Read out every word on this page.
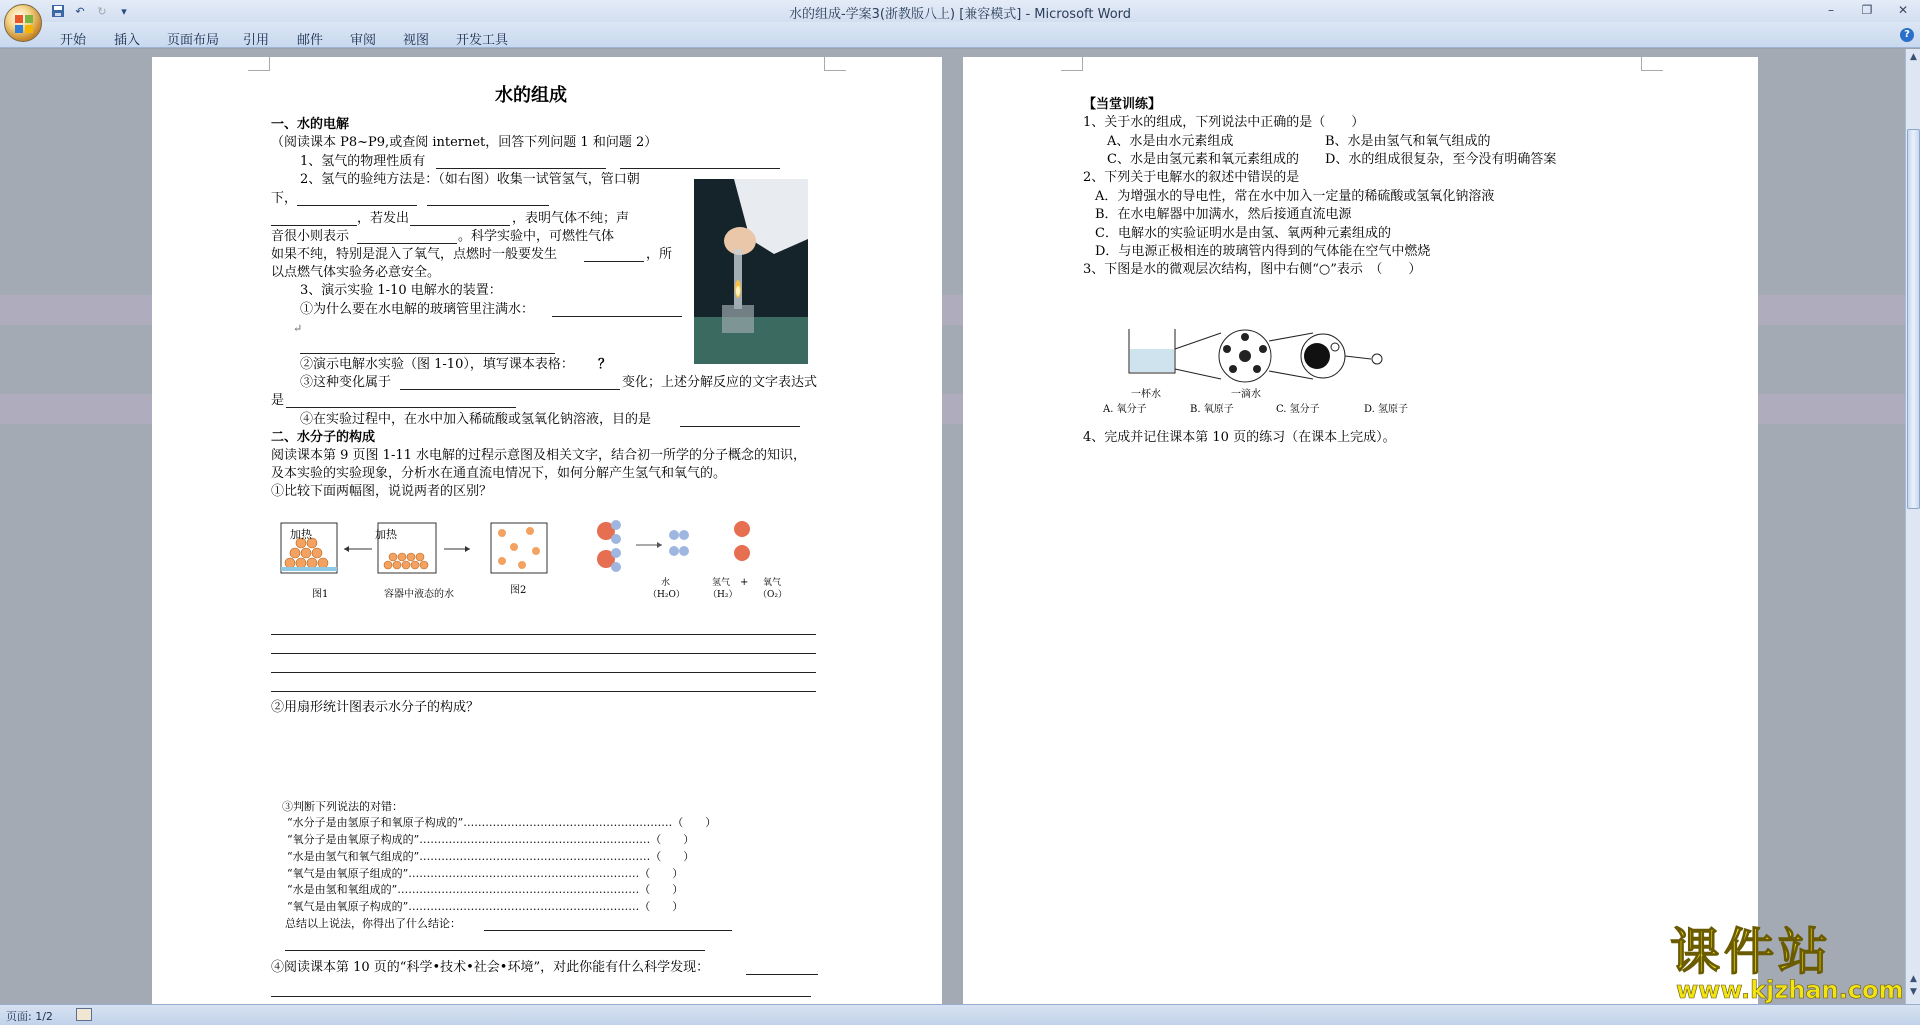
水的组成-学案3(浙教版八上) [兼容模式] - Microsoft Word
↶	↻	▾	–	❐	✕
开始 插入 页面布局 引用 邮件 审阅 视图 开发工具	?
水的组成
一、水的电解
（阅读课本 P8~P9,或查阅 internet，回答下列问题 1 和问题 2）
1、氢气的物理性质有
2、氢气的验纯方法是：（如右图）收集一试管氢气，管口朝
下，
，若发出	，表明气体不纯；声
音很小则表示	。科学实验中，可燃性气体
如果不纯，特别是混入了氧气，点燃时一般要发生	，所
以点燃气体实验务必意安全。
3、演示实验 1-10 电解水的装置：
①为什么要在水电解的玻璃管里注满水：
↵
②演示电解水实验（图 1-10），填写课本表格： ？
③这种变化属于	变化；上述分解反应的文字表达式
是
④在实验过程中，在水中加入稀硫酸或氢氧化钠溶液，目的是
二、水分子的构成
阅读课本第 9 页图 1-11 水电解的过程示意图及相关文字，结合初一所学的分子概念的知识，
及本实验的实验现象，分析水在通直流电情况下，如何分解产生氢气和氧气的。
①比较下面两幅图，说说两者的区别？
加热	加热
图1	容器中液态的水	图2
水
（H₂O）
氢气
（H₂）
+ 氧气
（O₂）
②用扇形统计图表示水分子的构成？
③判断下列说法的对错：
“水分子是由氢原子和氧原子构成的”…………………………………………………（　　）
“氧分子是由氧原子构成的”………………………………………………………（　　）
“水是由氢气和氧气组成的”………………………………………………………（　　）
“氧气是由氧原子组成的”………………………………………………………（　　）
“水是由氢和氧组成的”…………………………………………………………（　　）
“氧气是由氧原子构成的”………………………………………………………（　　）
总结以上说法，你得出了什么结论：
④阅读课本第 10 页的“科学•技术•社会•环境”，对此你能有什么科学发现：
【当堂训练】
1、关于水的组成，下列说法中正确的是（　　）
A、水是由水元素组成	B、水是由氢气和氧气组成的
C、水是由氢元素和氧元素组成的 D、水的组成很复杂，至今没有明确答案
2、下列关于电解水的叙述中错误的是
A．为增强水的导电性，常在水中加入一定量的稀硫酸或氢氧化钠溶液
B．在水电解器中加满水，然后接通直流电源
C．电解水的实验证明水是由氢、氧两种元素组成的
D．与电源正极相连的玻璃管内得到的气体能在空气中燃烧
3、下图是水的微观层次结构，图中右侧“○”表示　（　　）
一杯水	一滴水
A. 氧分子	B. 氧原子	C. 氢分子	D. 氢原子
4、完成并记住课本第 10 页的练习（在课本上完成）。
▲
▲
▼
页面: 1/2
课件站
www.kjzhan.com
